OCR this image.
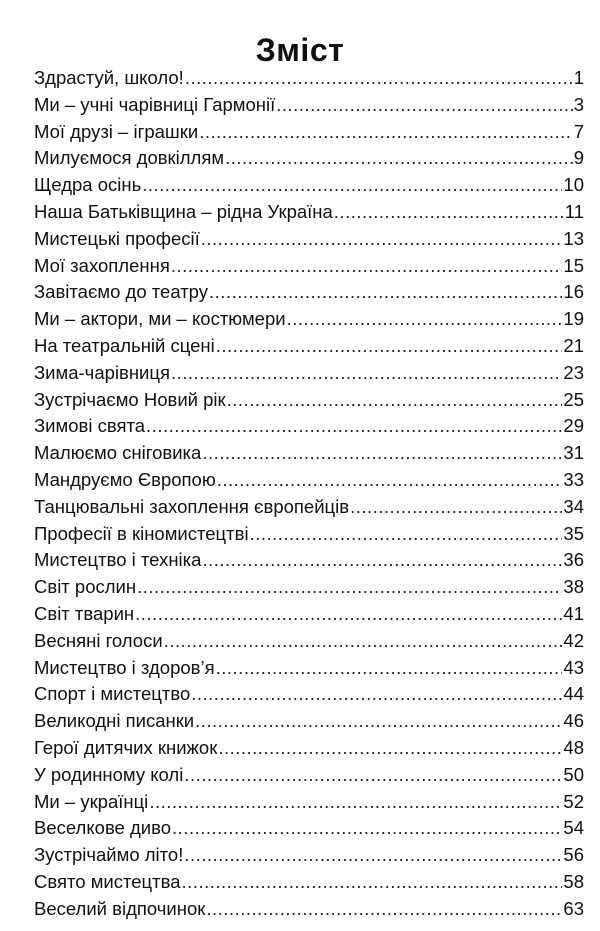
Зміст
Здрастуй, школо! .....	1
Ми – учні чарівниці Гармонії .....	3
Мої друзі – іграшки .....	7
Милуємося довкіллям .....	9
Щедра осінь .....	10
Наша Батьківщина – рідна Україна .....	11
Мистецькі професії .....	13
Мої захоплення .....	15
Завітаємо до театру .....	16
Ми – актори, ми – костюмери .....	19
На театральній сцені .....	21
Зима-чарівниця .....	23
Зустрічаємо Новий рік .....	25
Зимові свята .....	29
Малюємо сніговика .....	31
Мандруємо Європою .....	33
Танцювальні захоплення європейців .....	34
Професії в кіномистецтві .....	35
Мистецтво і техніка .....	36
Світ рослин .....	38
Світ тварин .....	41
Весняні голоси .....	42
Мистецтво і здоров’я .....	43
Спорт і мистецтво .....	44
Великодні писанки .....	46
Герої дитячих книжок .....	48
У родинному колі .....	50
Ми – українці .....	52
Веселкове диво .....	54
Зустрічаймо літо! .....	56
Свято мистецтва .....	58
Веселий відпочинок .....	63
